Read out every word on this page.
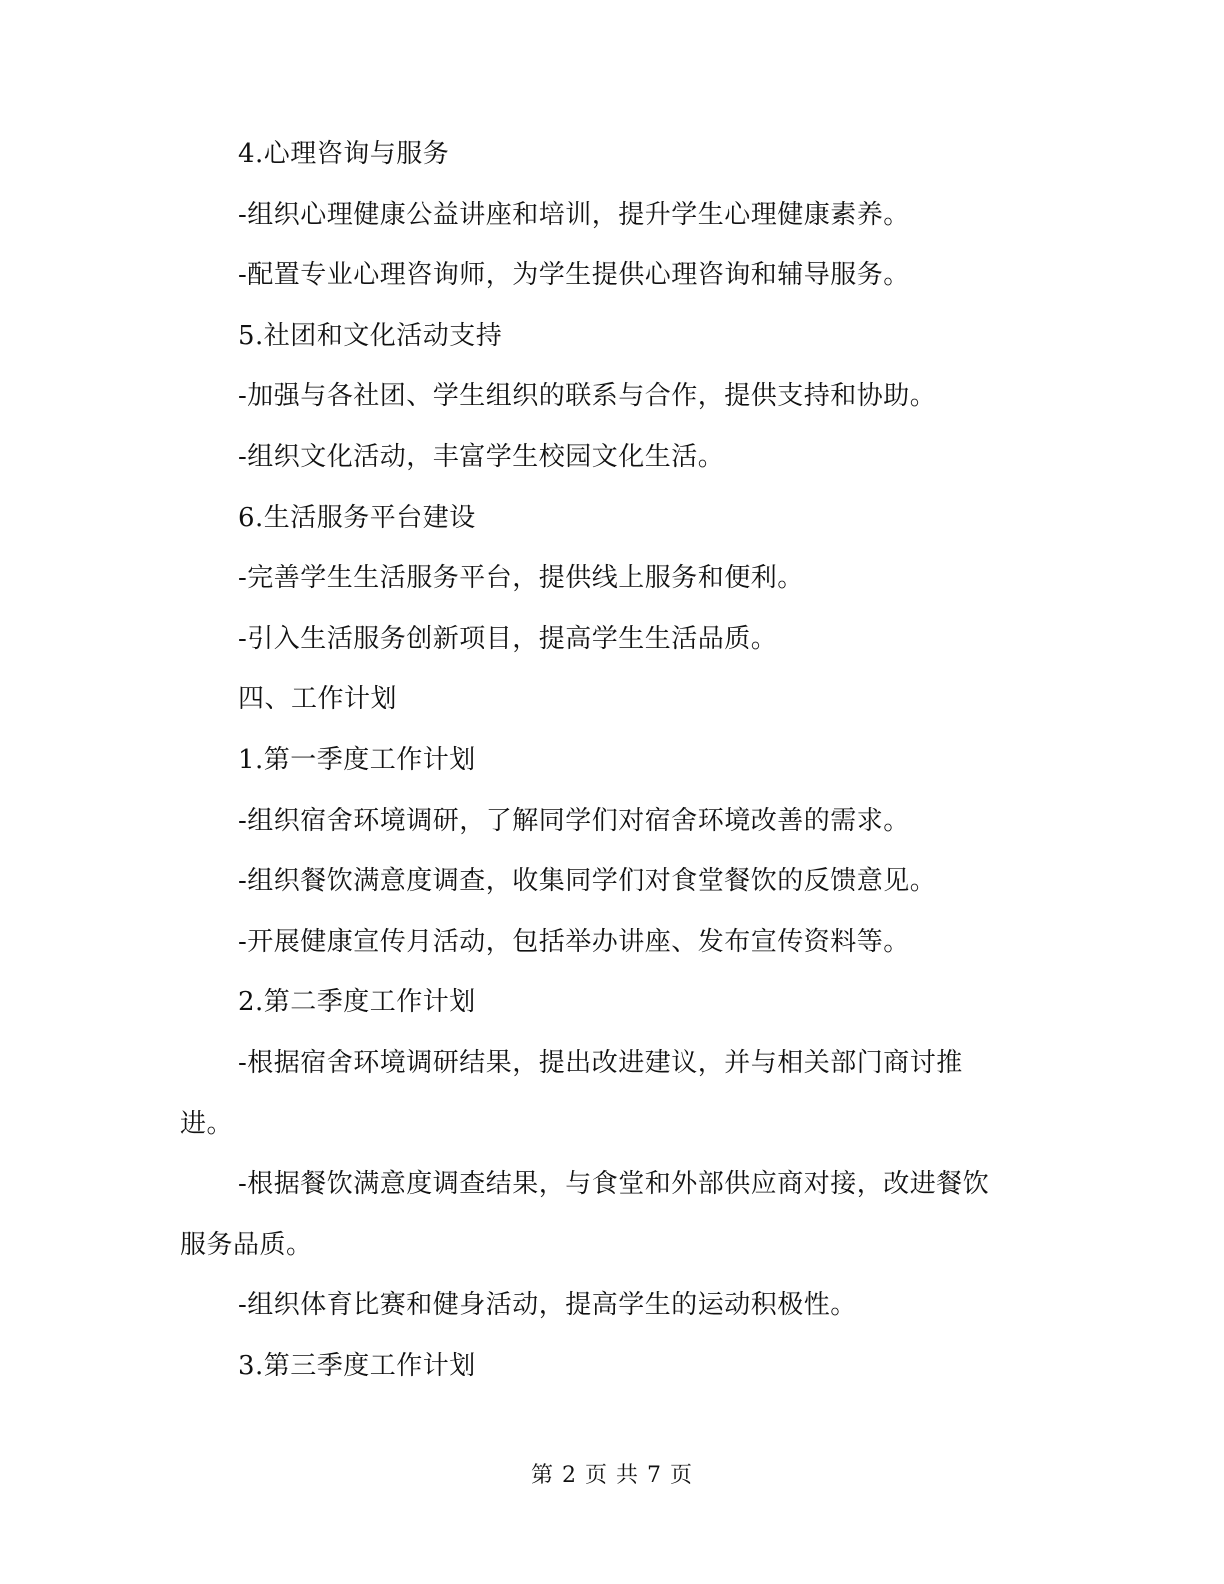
4.心理咨询与服务
-组织心理健康公益讲座和培训，提升学生心理健康素养。
-配置专业心理咨询师，为学生提供心理咨询和辅导服务。
5.社团和文化活动支持
-加强与各社团、学生组织的联系与合作，提供支持和协助。
-组织文化活动，丰富学生校园文化生活。
6.生活服务平台建设
-完善学生生活服务平台，提供线上服务和便利。
-引入生活服务创新项目，提高学生生活品质。
四、工作计划
1.第一季度工作计划
-组织宿舍环境调研，了解同学们对宿舍环境改善的需求。
-组织餐饮满意度调查，收集同学们对食堂餐饮的反馈意见。
-开展健康宣传月活动，包括举办讲座、发布宣传资料等。
2.第二季度工作计划
-根据宿舍环境调研结果，提出改进建议，并与相关部门商讨推
进。
-根据餐饮满意度调查结果，与食堂和外部供应商对接，改进餐饮
服务品质。
-组织体育比赛和健身活动，提高学生的运动积极性。
3.第三季度工作计划
第 2 页 共 7 页
